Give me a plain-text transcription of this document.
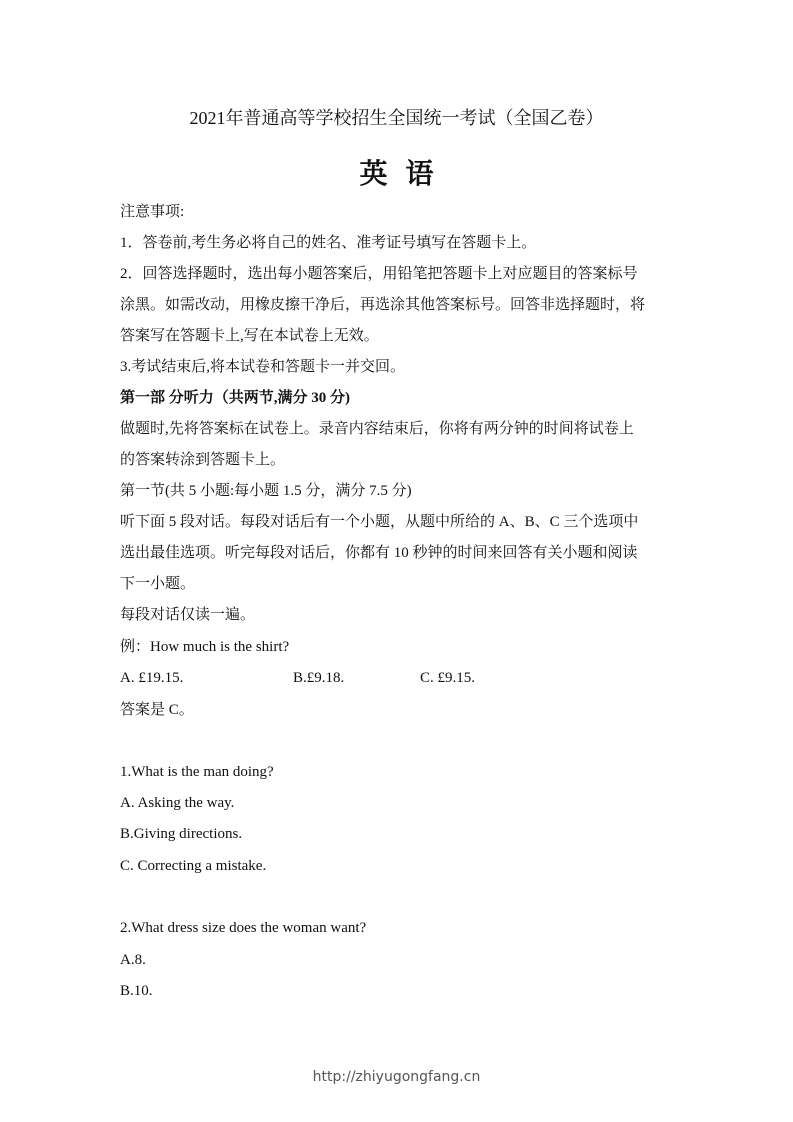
2021年普通高等学校招生全国统一考试（全国乙卷）
英语
注意事项:
1．答卷前,考生务必将自己的姓名、准考证号填写在答题卡上。
2．回答选择题时，选出每小题答案后，用铅笔把答题卡上对应题目的答案标号
涂黑。如需改动，用橡皮擦干净后，再选涂其他答案标号。回答非选择题时，将
答案写在答题卡上,写在本试卷上无效。
3.考试结束后,将本试卷和答题卡一并交回。
第一部 分听力（共两节,满分 30 分)
做题时,先将答案标在试卷上。录音内容结束后，你将有两分钟的时间将试卷上
的答案转涂到答题卡上。
第一节(共 5 小题:每小题 1.5 分，满分 7.5 分)
听下面 5 段对话。每段对话后有一个小题，从题中所给的 A、B、C 三个选项中
选出最佳选项。听完每段对话后，你都有 10 秒钟的时间来回答有关小题和阅读
下一小题。
每段对话仅读一遍。
例：How much is the shirt?
A. £19.15.	B.£9.18.	C. £9.15.
答案是 C。
1.What is the man doing?
A. Asking the way.
B.Giving directions.
C. Correcting a mistake.
2.What dress size does the woman want?
A.8.
B.10.
http://zhiyugongfang.cn
